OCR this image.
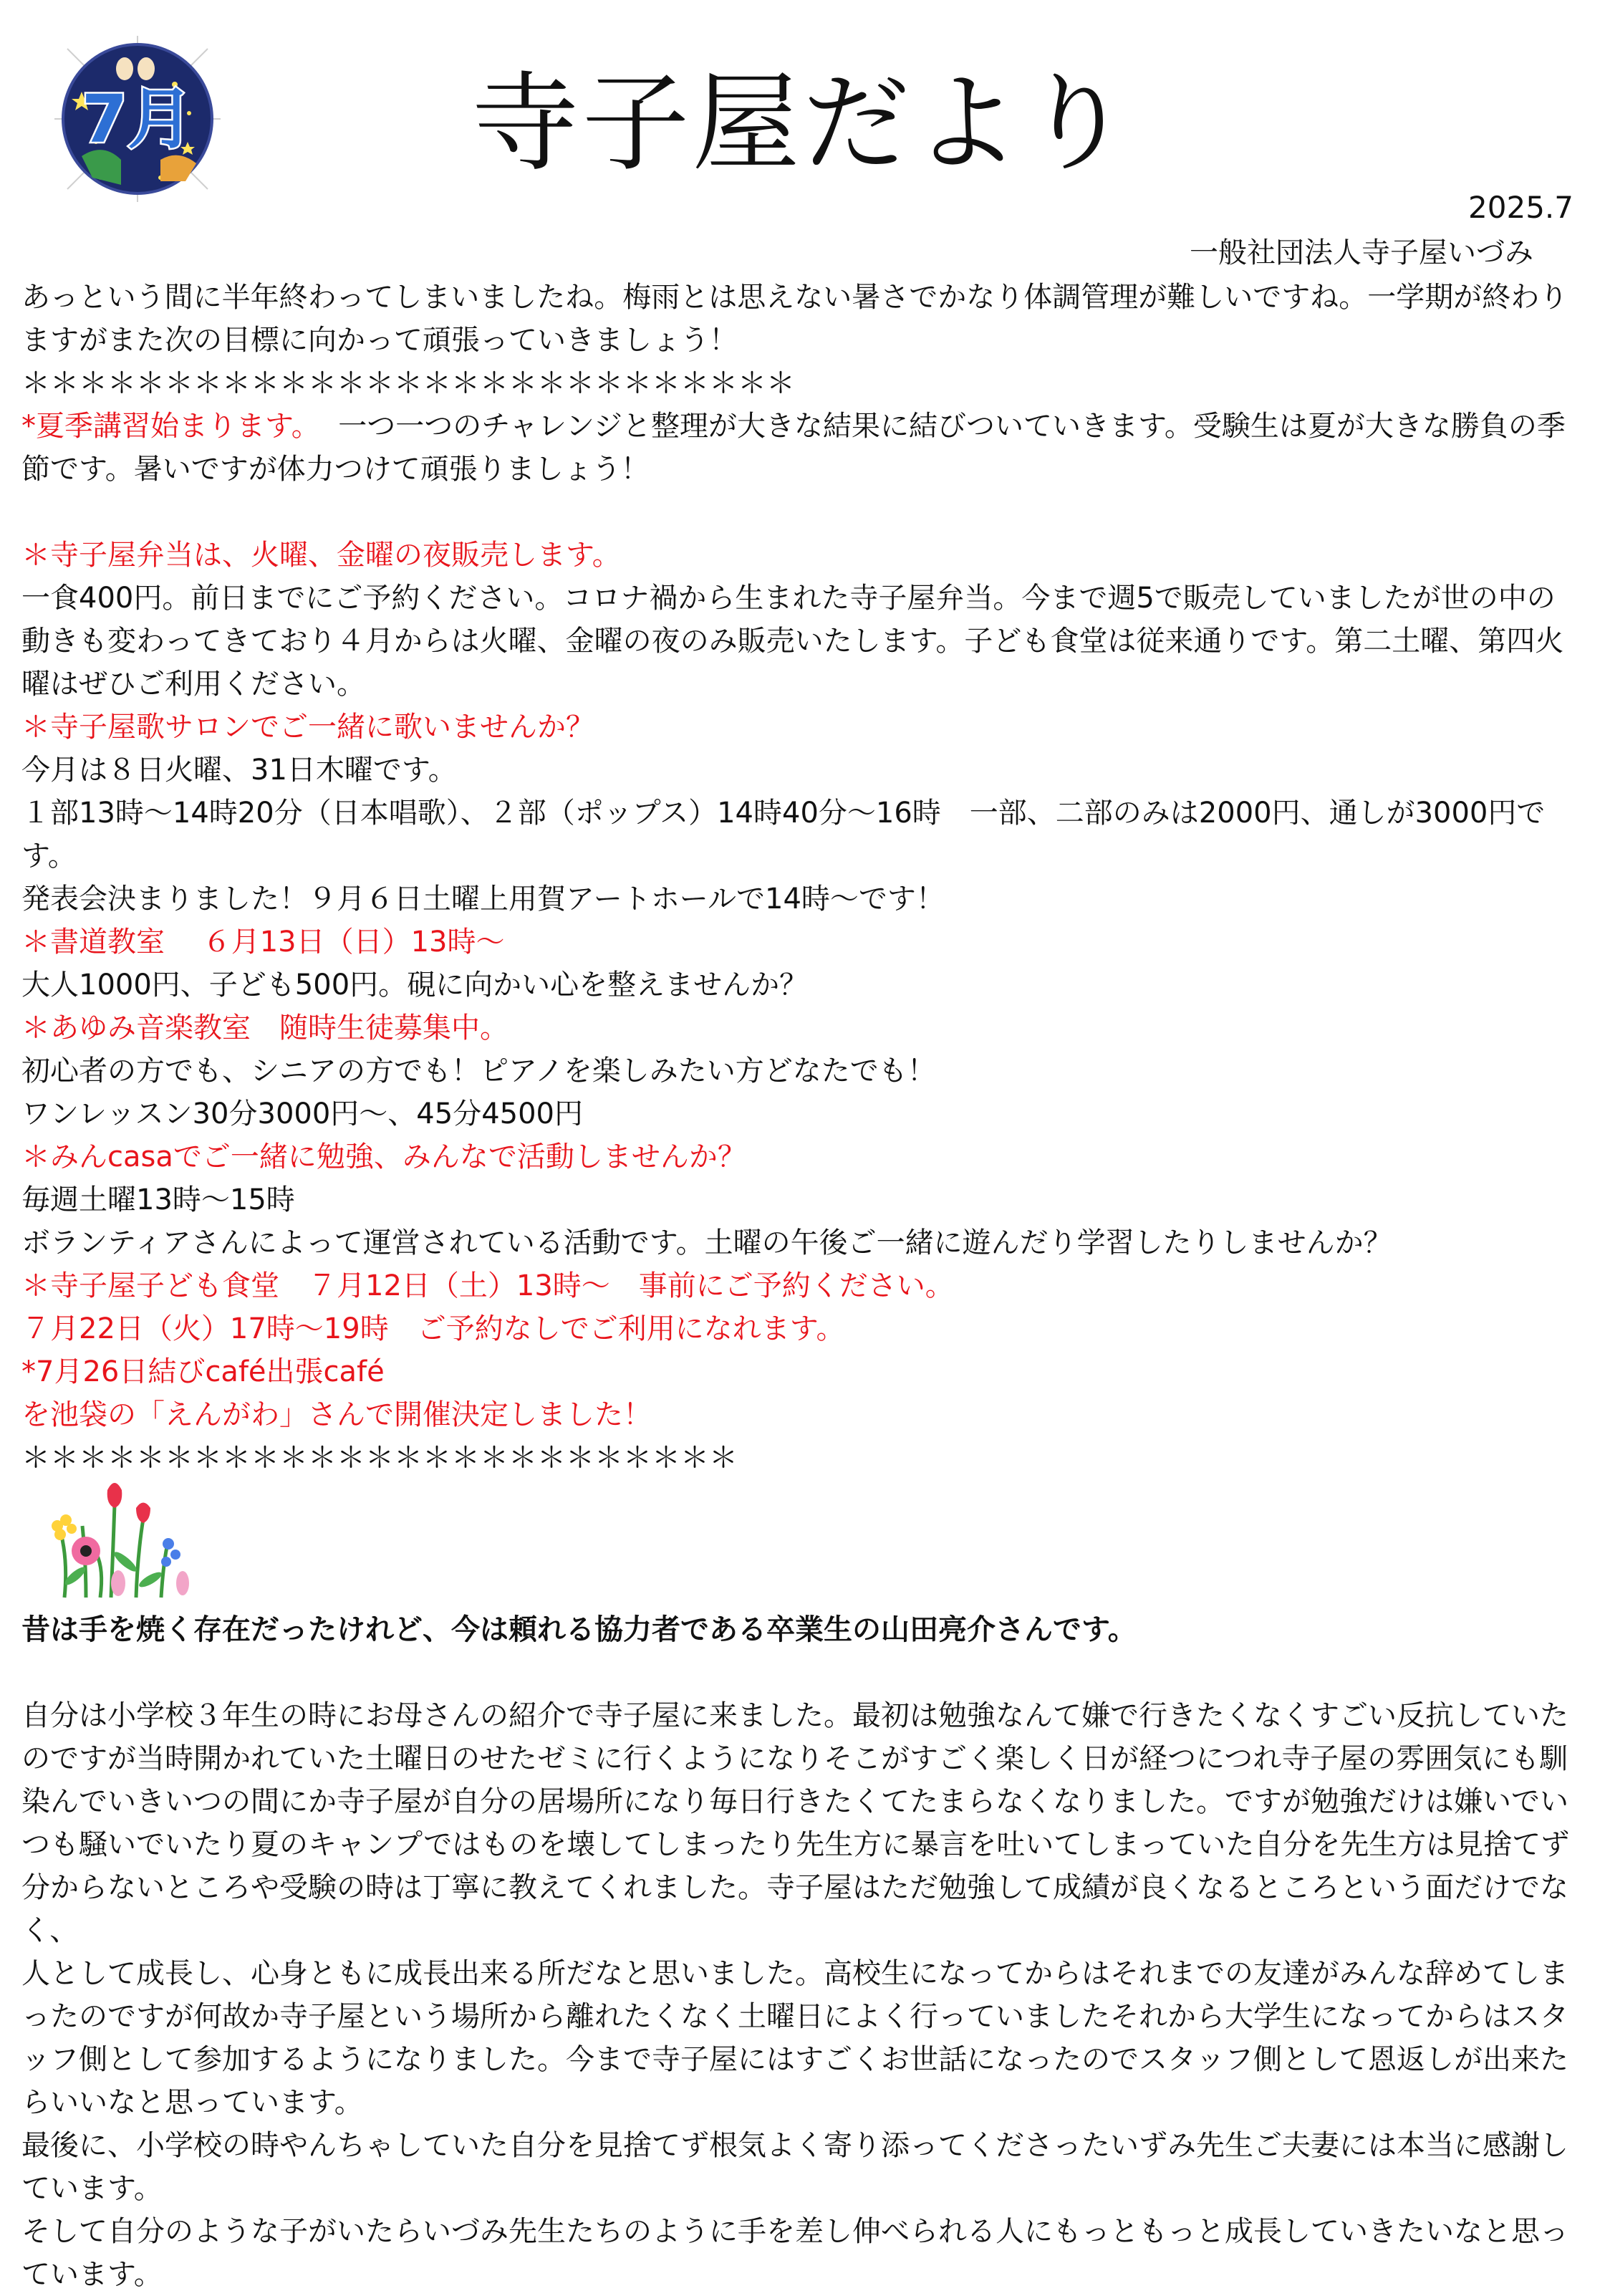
7月	寺子屋だより
2025.7
一般社団法人寺子屋いづみ

あっという間に半年終わってしまいましたね。梅雨とは思えない暑さでかなり体調管理が難しいですね。一学期が終わりますがまた次の目標に向かって頑張っていきましょう！

＊＊＊＊＊＊＊＊＊＊＊＊＊＊＊＊＊＊＊＊＊＊＊＊＊＊＊

*夏季講習始まります。 一つ一つのチャレンジと整理が大きな結果に結びついていきます。受験生は夏が大きな勝負の季節です。暑いですが体力つけて頑張りましょう！

＊寺子屋弁当は、火曜、金曜の夜販売します。

一食400円。前日までにご予約ください。コロナ禍から生まれた寺子屋弁当。今まで週5で販売していましたが世の中の動きも変わってきており４月からは火曜、金曜の夜のみ販売いたします。子ども食堂は従来通りです。第二土曜、第四火曜はぜひご利用ください。

＊寺子屋歌サロンでご一緒に歌いませんか？

今月は８日火曜、31日木曜です。

１部13時～14時20分（日本唱歌）、２部（ポップス）14時40分～16時　一部、二部のみは2000円、通しが3000円です。

発表会決まりました！９月６日土曜上用賀アートホールで14時～です！

＊書道教室　 ６月13日（日）13時～

大人1000円、子ども500円。硯に向かい心を整えませんか？

＊あゆみ音楽教室　随時生徒募集中。

初心者の方でも、シニアの方でも！ピアノを楽しみたい方どなたでも！

ワンレッスン30分3000円～、45分4500円

＊みんcasaでご一緒に勉強、みんなで活動しませんか？

毎週土曜13時～15時

ボランティアさんによって運営されている活動です。土曜の午後ご一緒に遊んだり学習したりしませんか？

＊寺子屋子ども食堂　７月12日（土）13時～　事前にご予約ください。

７月22日（火）17時～19時　ご予約なしでご利用になれます。

*7月26日結びcafé出張café

を池袋の「えんがわ」さんで開催決定しました！

＊＊＊＊＊＊＊＊＊＊＊＊＊＊＊＊＊＊＊＊＊＊＊＊＊

昔は手を焼く存在だったけれど、今は頼れる協力者である卒業生の山田亮介さんです。

自分は小学校３年生の時にお母さんの紹介で寺子屋に来ました。最初は勉強なんて嫌で行きたくなくすごい反抗していたのですが当時開かれていた土曜日のせたゼミに行くようになりそこがすごく楽しく日が経つにつれ寺子屋の雰囲気にも馴染んでいきいつの間にか寺子屋が自分の居場所になり毎日行きたくてたまらなくなりました。ですが勉強だけは嫌いでいつも騒いでいたり夏のキャンプではものを壊してしまったり先生方に暴言を吐いてしまっていた自分を先生方は見捨てず分からないところや受験の時は丁寧に教えてくれました。寺子屋はただ勉強して成績が良くなるところという面だけでなく、

人として成長し、心身ともに成長出来る所だなと思いました。高校生になってからはそれまでの友達がみんな辞めてしまったのですが何故か寺子屋という場所から離れたくなく土曜日によく行っていましたそれから大学生になってからはスタッフ側として参加するようになりました。今まで寺子屋にはすごくお世話になったのでスタッフ側として恩返しが出来たらいいなと思っています。

最後に、小学校の時やんちゃしていた自分を見捨てず根気よく寄り添ってくださったいずみ先生ご夫妻には本当に感謝しています。

そして自分のような子がいたらいづみ先生たちのように手を差し伸べられる人にもっともっと成長していきたいなと思っています。
